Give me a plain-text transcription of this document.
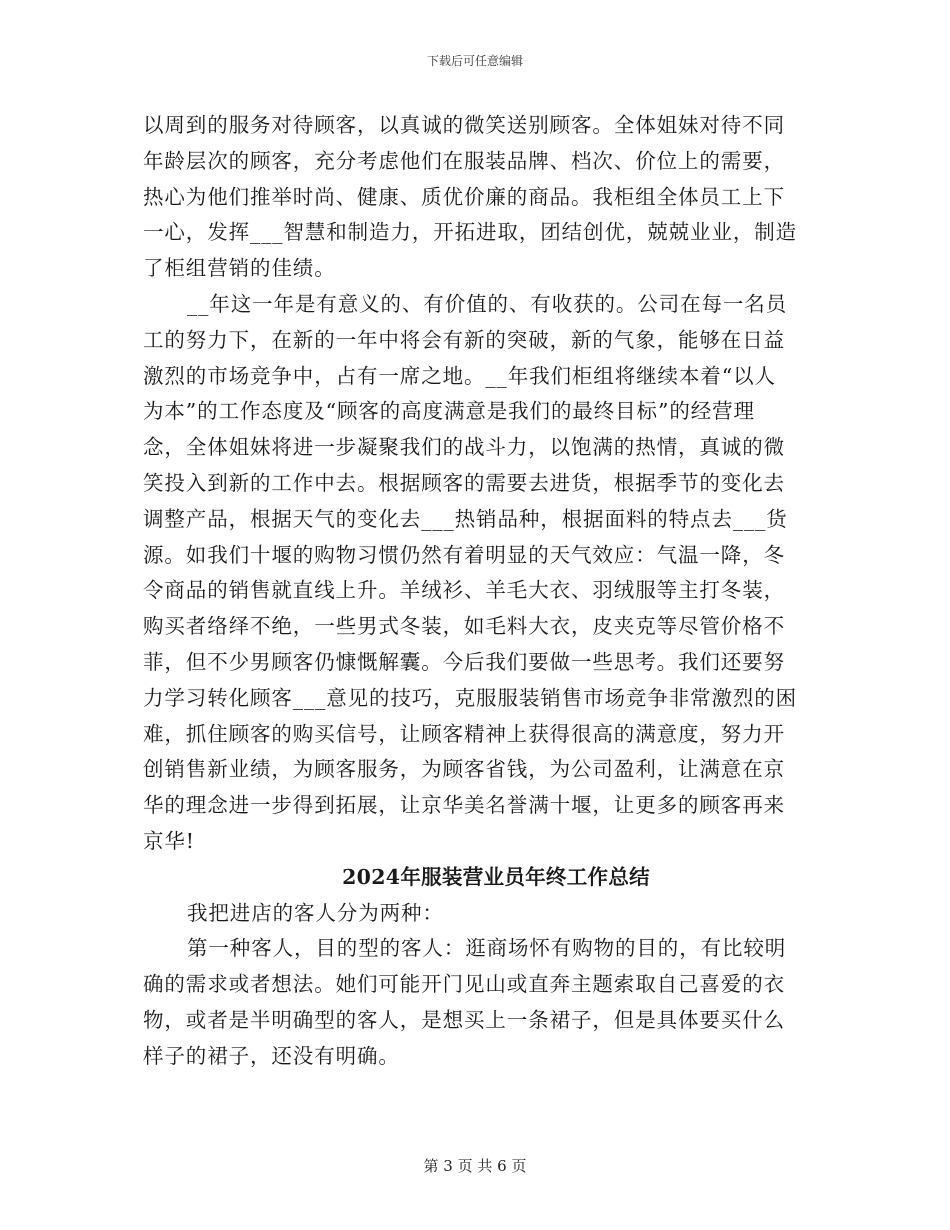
下载后可任意编辑
以周到的服务对待顾客，以真诚的微笑送别顾客。全体姐妹对待不同
年龄层次的顾客，充分考虑他们在服装品牌、档次、价位上的需要，
热心为他们推举时尚、健康、质优价廉的商品。我柜组全体员工上下
一心，发挥___智慧和制造力，开拓进取，团结创优，兢兢业业，制造
了柜组营销的佳绩。
__年这一年是有意义的、有价值的、有收获的。公司在每一名员
工的努力下，在新的一年中将会有新的突破，新的气象，能够在日益
激烈的市场竞争中，占有一席之地。__年我们柜组将继续本着“以人
为本”的工作态度及“顾客的高度满意是我们的最终目标”的经营理
念，全体姐妹将进一步凝聚我们的战斗力，以饱满的热情，真诚的微
笑投入到新的工作中去。根据顾客的需要去进货，根据季节的变化去
调整产品，根据天气的变化去___热销品种，根据面料的特点去___货
源。如我们十堰的购物习惯仍然有着明显的天气效应：气温一降，冬
令商品的销售就直线上升。羊绒衫、羊毛大衣、羽绒服等主打冬装，
购买者络绎不绝，一些男式冬装，如毛料大衣，皮夹克等尽管价格不
菲，但不少男顾客仍慷慨解囊。今后我们要做一些思考。我们还要努
力学习转化顾客___意见的技巧，克服服装销售市场竞争非常激烈的困
难，抓住顾客的购买信号，让顾客精神上获得很高的满意度，努力开
创销售新业绩，为顾客服务，为顾客省钱，为公司盈利，让满意在京
华的理念进一步得到拓展，让京华美名誉满十堰，让更多的顾客再来
京华!
2024年服装营业员年终工作总结
我把进店的客人分为两种：
第一种客人，目的型的客人：逛商场怀有购物的目的，有比较明
确的需求或者想法。她们可能开门见山或直奔主题索取自己喜爱的衣
物，或者是半明确型的客人，是想买上一条裙子，但是具体要买什么
样子的裙子，还没有明确。
第 3 页 共 6 页
